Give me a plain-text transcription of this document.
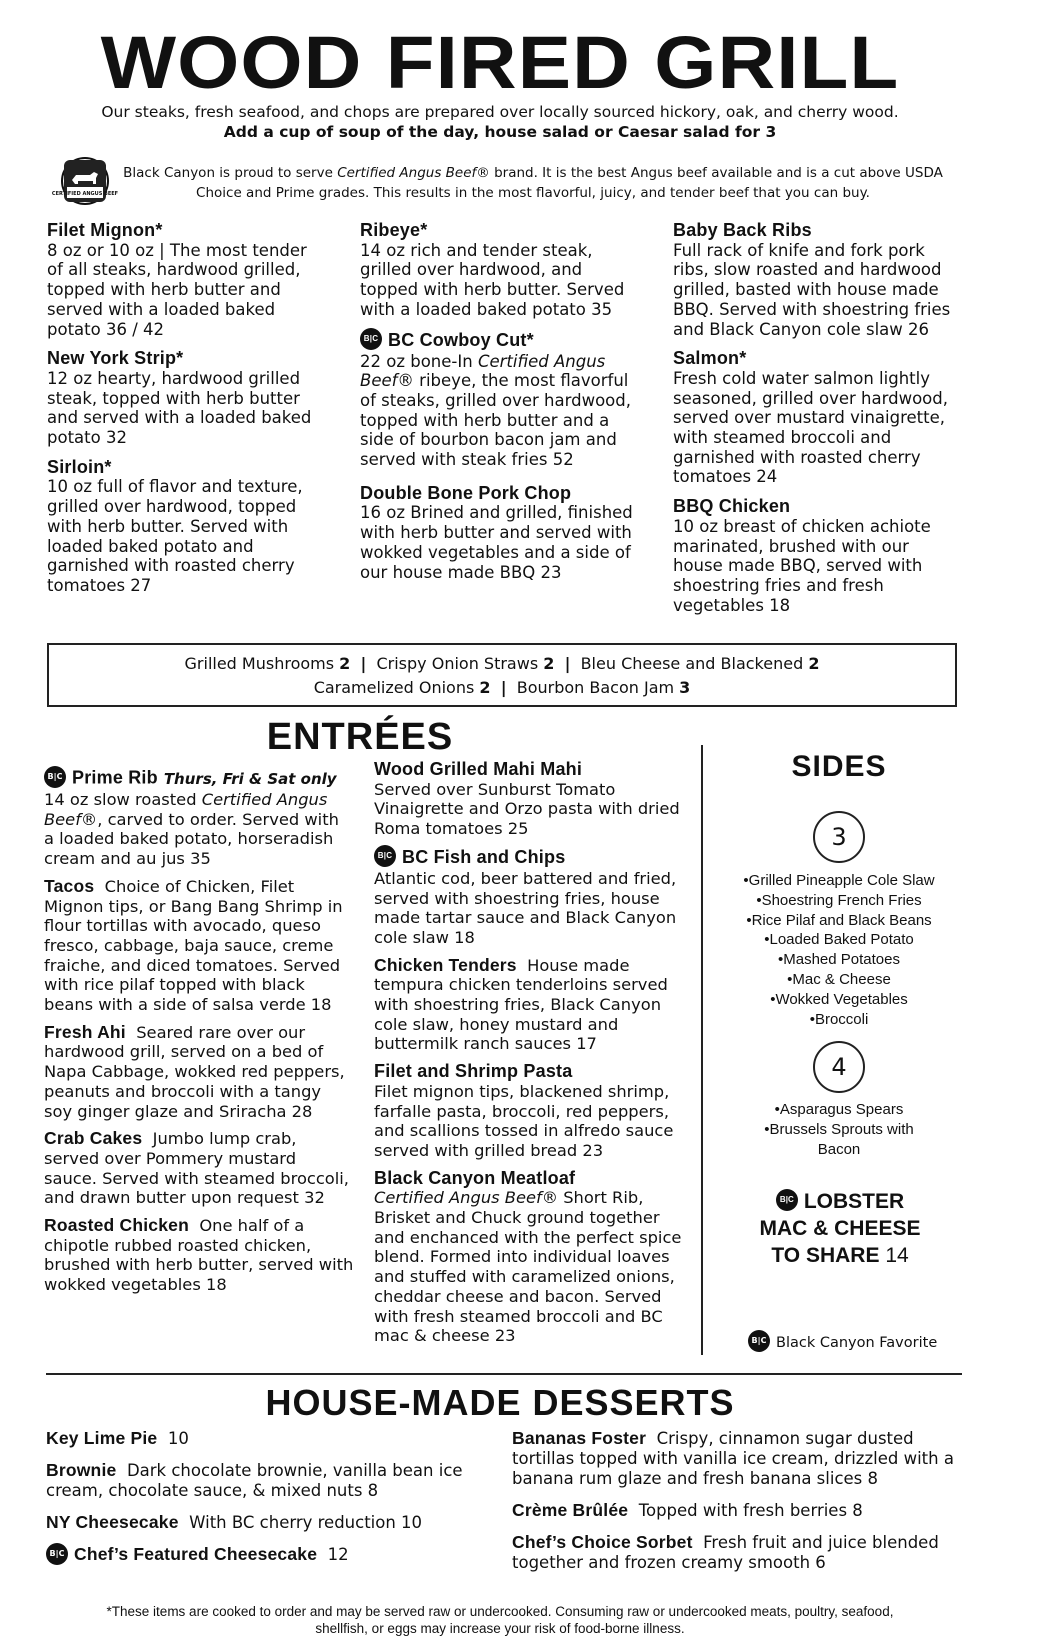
WOOD FIRED GRILL
Our steaks, fresh seafood, and chops are prepared over locally sourced hickory, oak, and cherry wood.
Add a cup of soup of the day, house salad or Caesar salad for 3
CERTIFIED ANGUS BEEF
Black Canyon is proud to serve Certified Angus Beef® brand. It is the best Angus beef available and is a cut above USDA Choice and Prime grades. This results in the most flavorful, juicy, and tender beef that you can buy.
Filet Mignon*
8 oz or 10 oz | The most tender of all steaks, hardwood grilled, topped with herb butter and served with a loaded baked potato 36 / 42
New York Strip*
12 oz hearty, hardwood grilled steak, topped with herb butter and served with a loaded baked potato 32
Sirloin*
10 oz full of flavor and texture, grilled over hardwood, topped with herb butter. Served with loaded baked potato and garnished with roasted cherry tomatoes 27
Ribeye*
14 oz rich and tender steak, grilled over hardwood, and topped with herb butter. Served with a loaded baked potato 35
B|C BC Cowboy Cut*
22 oz bone-In Certified Angus Beef® ribeye, the most flavorful of steaks, grilled over hardwood, topped with herb butter and a side of bourbon bacon jam and served with steak fries 52
Double Bone Pork Chop
16 oz Brined and grilled, finished with herb butter and served with wokked vegetables and a side of our house made BBQ 23
Baby Back Ribs
Full rack of knife and fork pork ribs, slow roasted and hardwood grilled, basted with house made BBQ. Served with shoestring fries and Black Canyon cole slaw 26
Salmon*
Fresh cold water salmon lightly seasoned, grilled over hardwood, served over mustard vinaigrette, with steamed broccoli and garnished with roasted cherry tomatoes 24
BBQ Chicken
10 oz breast of chicken achiote marinated, brushed with our house made BBQ, served with shoestring fries and fresh vegetables 18
Grilled Mushrooms 2 | Crispy Onion Straws 2 | Bleu Cheese and Blackened 2
Caramelized Onions 2 | Bourbon Bacon Jam 3
ENTRÉES
B|C Prime Rib Thurs, Fri & Sat only
14 oz slow roasted Certified Angus Beef®, carved to order. Served with a loaded baked potato, horseradish cream and au jus 35
Tacos Choice of Chicken, Filet Mignon tips, or Bang Bang Shrimp in flour tortillas with avocado, queso fresco, cabbage, baja sauce, creme fraiche, and diced tomatoes. Served with rice pilaf topped with black beans with a side of salsa verde 18
Fresh Ahi Seared rare over our hardwood grill, served on a bed of Napa Cabbage, wokked red peppers, peanuts and broccoli with a tangy soy ginger glaze and Sriracha 28
Crab Cakes Jumbo lump crab, served over Pommery mustard sauce. Served with steamed broccoli, and drawn butter upon request 32
Roasted Chicken One half of a chipotle rubbed roasted chicken, brushed with herb butter, served with wokked vegetables 18
Wood Grilled Mahi Mahi
Served over Sunburst Tomato Vinaigrette and Orzo pasta with dried Roma tomatoes 25
B|C BC Fish and Chips
Atlantic cod, beer battered and fried, served with shoestring fries, house made tartar sauce and Black Canyon cole slaw 18
Chicken Tenders House made tempura chicken tenderloins served with shoestring fries, Black Canyon cole slaw, honey mustard and buttermilk ranch sauces 17
Filet and Shrimp Pasta
Filet mignon tips, blackened shrimp, farfalle pasta, broccoli, red peppers, and scallions tossed in alfredo sauce served with grilled bread 23
Black Canyon Meatloaf
Certified Angus Beef® Short Rib, Brisket and Chuck ground together and enchanced with the perfect spice blend. Formed into individual loaves and stuffed with caramelized onions, cheddar cheese and bacon. Served with fresh steamed broccoli and BC mac & cheese 23
SIDES
3
•Grilled Pineapple Cole Slaw
•Shoestring French Fries
•Rice Pilaf and Black Beans
•Loaded Baked Potato
•Mashed Potatoes
•Mac & Cheese
•Wokked Vegetables
•Broccoli
4
•Asparagus Spears
•Brussels Sprouts with
Bacon
B|C LOBSTER
MAC & CHEESE
TO SHARE 14
B|C Black Canyon Favorite
HOUSE-MADE DESSERTS
Key Lime Pie 10
Brownie Dark chocolate brownie, vanilla bean ice cream, chocolate sauce, & mixed nuts 8
NY Cheesecake With BC cherry reduction 10
B|C Chef’s Featured Cheesecake 12
Bananas Foster Crispy, cinnamon sugar dusted tortillas topped with vanilla ice cream, drizzled with a banana rum glaze and fresh banana slices 8
Crème Brûlée Topped with fresh berries 8
Chef’s Choice Sorbet Fresh fruit and juice blended together and frozen creamy smooth 6
*These items are cooked to order and may be served raw or undercooked. Consuming raw or undercooked meats, poultry, seafood,
shellfish, or eggs may increase your risk of food-borne illness.
